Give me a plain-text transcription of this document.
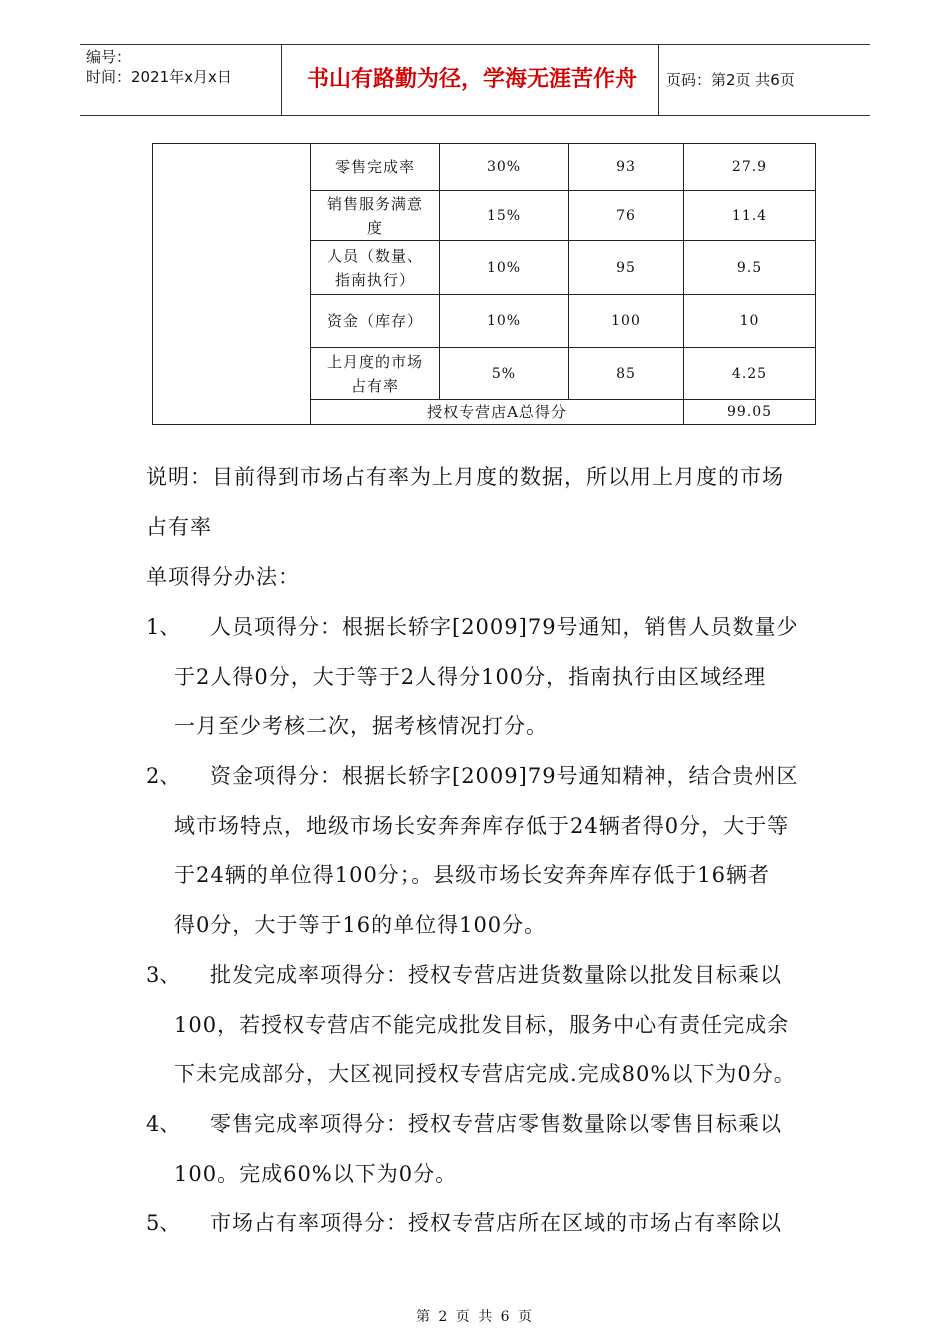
编号：
时间：2021年x月x日	书山有路勤为径，学海无涯苦作舟	页码：第2页 共6页
	零售完成率	30%	93	27.9
	销售服务满意
度	15%	76	11.4
	人员（数量、
指南执行）	10%	95	9.5
	资金（库存）	10%	100	10
	上月度的市场
占有率	5%	85	4.25
	授权专营店A总得分			99.05
说明：目前得到市场占有率为上月度的数据，所以用上月度的市场
占有率
单项得分办法：
1、 人员项得分：根据长轿字[2009]79号通知，销售人员数量少
于2人得0分，大于等于2人得分100分，指南执行由区域经理
一月至少考核二次，据考核情况打分。
2、 资金项得分：根据长轿字[2009]79号通知精神，结合贵州区
域市场特点，地级市场长安奔奔库存低于24辆者得0分，大于等
于24辆的单位得100分；。县级市场长安奔奔库存低于16辆者
得0分，大于等于16的单位得100分。
3、 批发完成率项得分：授权专营店进货数量除以批发目标乘以
100，若授权专营店不能完成批发目标，服务中心有责任完成余
下未完成部分，大区视同授权专营店完成.完成80%以下为0分。
4、 零售完成率项得分：授权专营店零售数量除以零售目标乘以
100。完成60%以下为0分。
5、 市场占有率项得分：授权专营店所在区域的市场占有率除以
第 2 页 共 6 页
